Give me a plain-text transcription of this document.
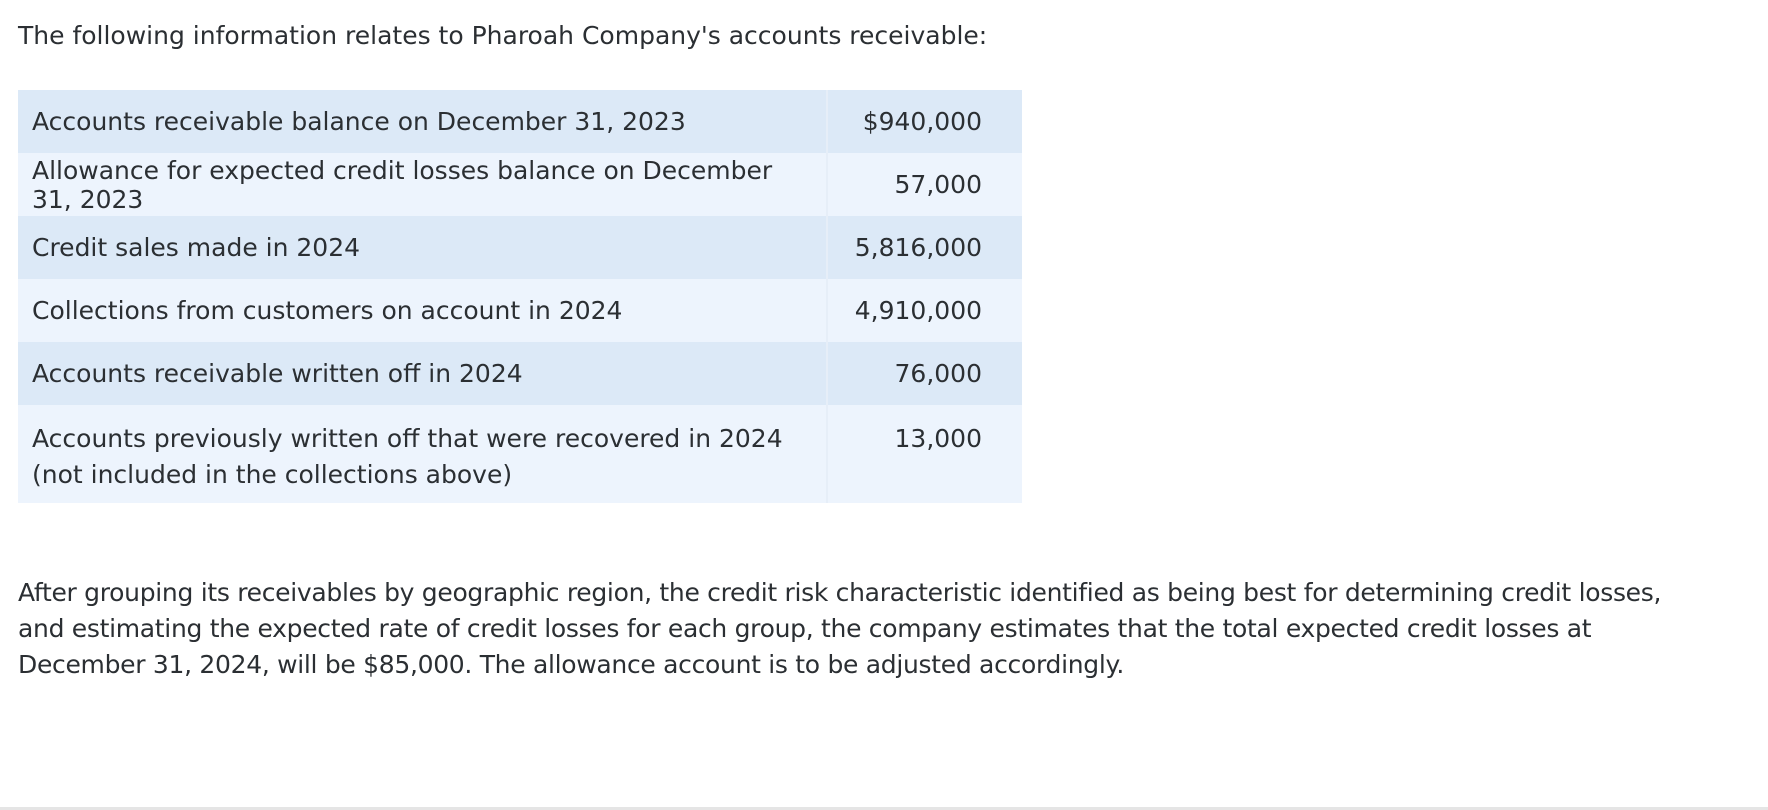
The following information relates to Pharoah Company's accounts receivable:

Accounts receivable balance on December 31, 2023	$940,000
Allowance for expected credit losses balance on December 31, 2023	57,000
Credit sales made in 2024	5,816,000
Collections from customers on account in 2024	4,910,000
Accounts receivable written off in 2024	76,000

Accounts previously written off that were recovered in 2024
(not included in the collections above)	13,000

After grouping its receivables by geographic region, the credit risk characteristic identified as being best for determining credit losses,
and estimating the expected rate of credit losses for each group, the company estimates that the total expected credit losses at
December 31, 2024, will be $85,000. The allowance account is to be adjusted accordingly.
